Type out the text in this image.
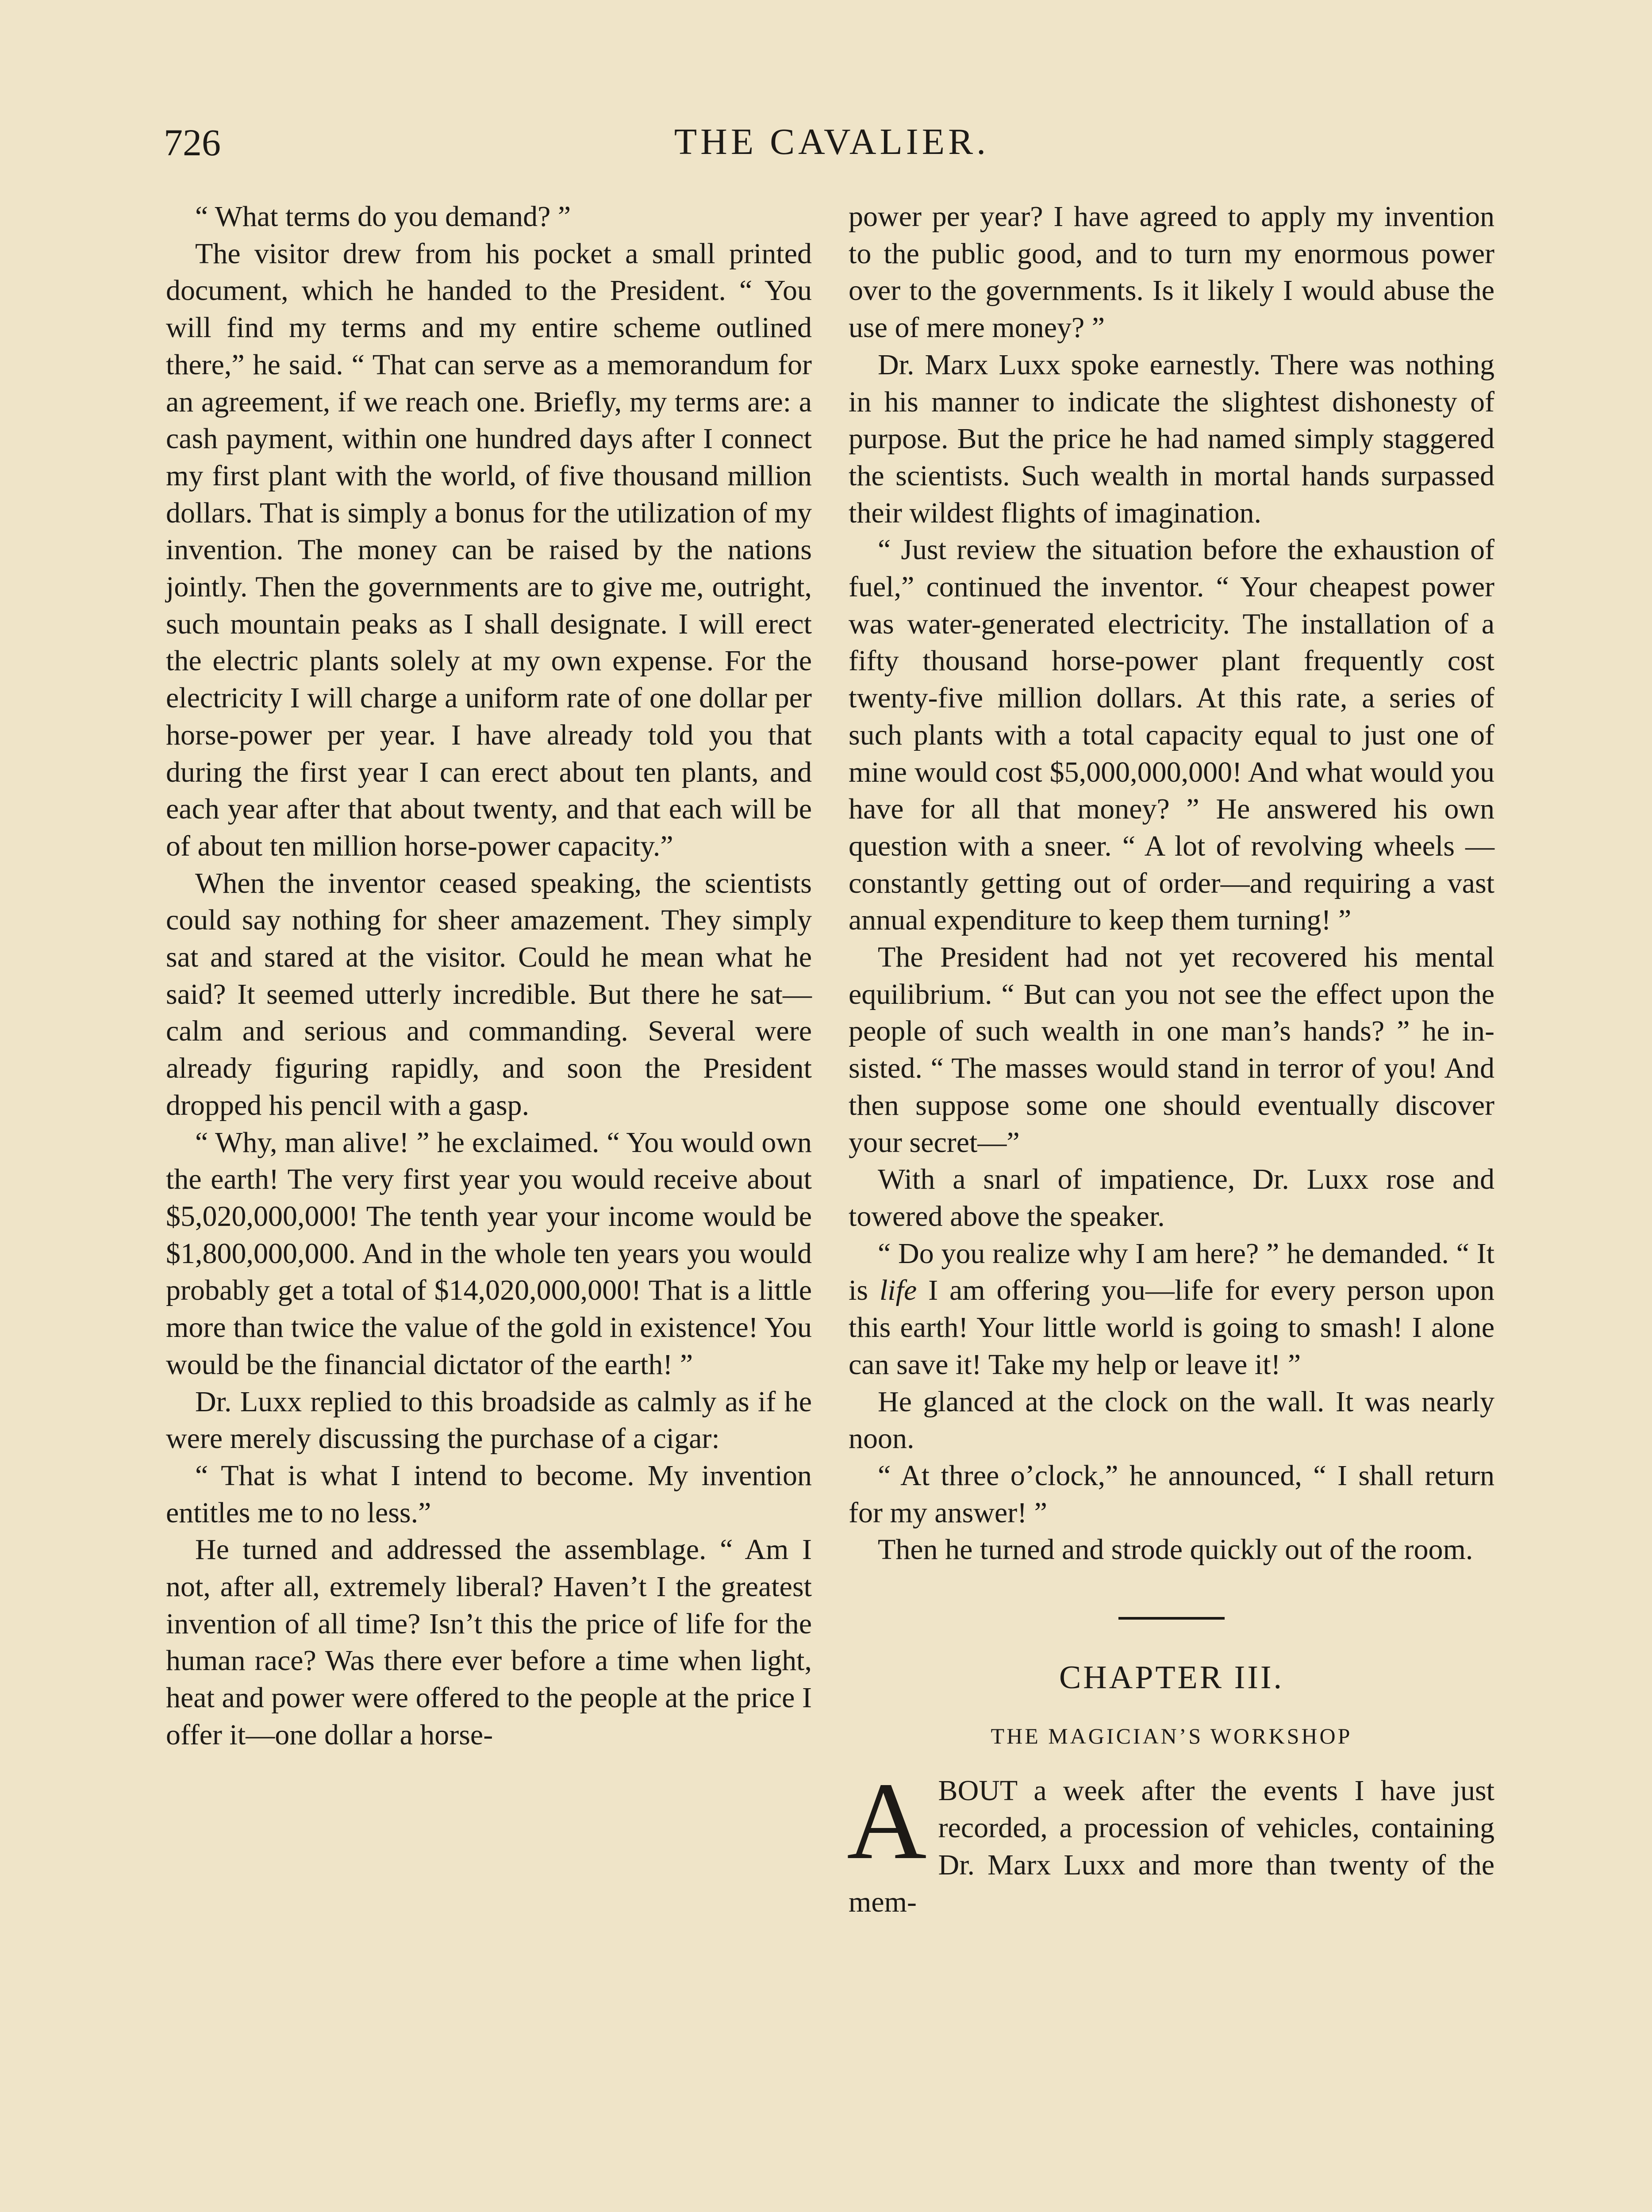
726	THE CAVALIER.

“ What terms do you demand? ”

The visitor drew from his pocket a small printed document, which he handed to the President. “ You will find my terms and my entire scheme outlined there,” he said. “ That can serve as a memorandum for an agreement, if we reach one. Briefly, my terms are: a cash payment, within one hundred days after I connect my first plant with the world, of five thousand million dollars. That is simply a bonus for the utilization of my invention. The money can be raised by the nations jointly. Then the governments are to give me, outright, such mountain peaks as I shall designate. I will erect the electric plants solely at my own expense. For the electricity I will charge a uniform rate of one dollar per horse-power per year. I have already told you that during the first year I can erect about ten plants, and each year after that about twenty, and that each will be of about ten million horse-power capacity.”

When the inventor ceased speaking, the scientists could say nothing for sheer amazement. They simply sat and stared at the visitor. Could he mean what he said? It seemed utterly incredible. But there he sat—calm and serious and commanding. Several were already figuring rapidly, and soon the President dropped his pencil with a gasp.

“ Why, man alive! ” he exclaimed. “ You would own the earth! The very first year you would receive about $5,020,000,000! The tenth year your income would be $1,800,000,000. And in the whole ten years you would probably get a total of $14,020,000,000! That is a little more than twice the value of the gold in existence! You would be the financial dictator of the earth! ”

Dr. Luxx replied to this broadside as calmly as if he were merely discussing the purchase of a cigar:

“ That is what I intend to become. My invention entitles me to no less.”

He turned and addressed the assemblage. “ Am I not, after all, extremely liberal? Haven’t I the greatest invention of all time? Isn’t this the price of life for the human race? Was there ever before a time when light, heat and power were offered to the people at the price I offer it—one dollar a horse-

power per year? I have agreed to apply my invention to the public good, and to turn my enormous power over to the governments. Is it likely I would abuse the use of mere money? ”

Dr. Marx Luxx spoke earnestly. There was nothing in his manner to indicate the slightest dishonesty of purpose. But the price he had named simply staggered the scientists. Such wealth in mortal hands surpassed their wildest flights of imagination.

“ Just review the situation before the exhaustion of fuel,” continued the inventor. “ Your cheapest power was water-generated electricity. The installation of a fifty thousand horse-power plant frequently cost twenty-five million dollars. At this rate, a series of such plants with a total capacity equal to just one of mine would cost $5,000,000,000! And what would you have for all that money? ” He answered his own question with a sneer. “ A lot of revolving wheels —constantly getting out of order—and requiring a vast annual expenditure to keep them turning! ”

The President had not yet recovered his mental equilibrium. “ But can you not see the effect upon the people of such wealth in one man’s hands? ” he insisted. “ The masses would stand in terror of you! And then suppose some one should eventually discover your secret—”

With a snarl of impatience, Dr. Luxx rose and towered above the speaker.

“ Do you realize why I am here? ” he demanded. “ It is life I am offering you—life for every person upon this earth! Your little world is going to smash! I alone can save it! Take my help or leave it! ”

He glanced at the clock on the wall. It was nearly noon.

“ At three o’clock,” he announced, “ I shall return for my answer! ”

Then he turned and strode quickly out of the room.

CHAPTER III.
THE MAGICIAN’S WORKSHOP

ABOUT a week after the events I have just recorded, a procession of vehicles, containing Dr. Marx Luxx and more than twenty of the mem-
